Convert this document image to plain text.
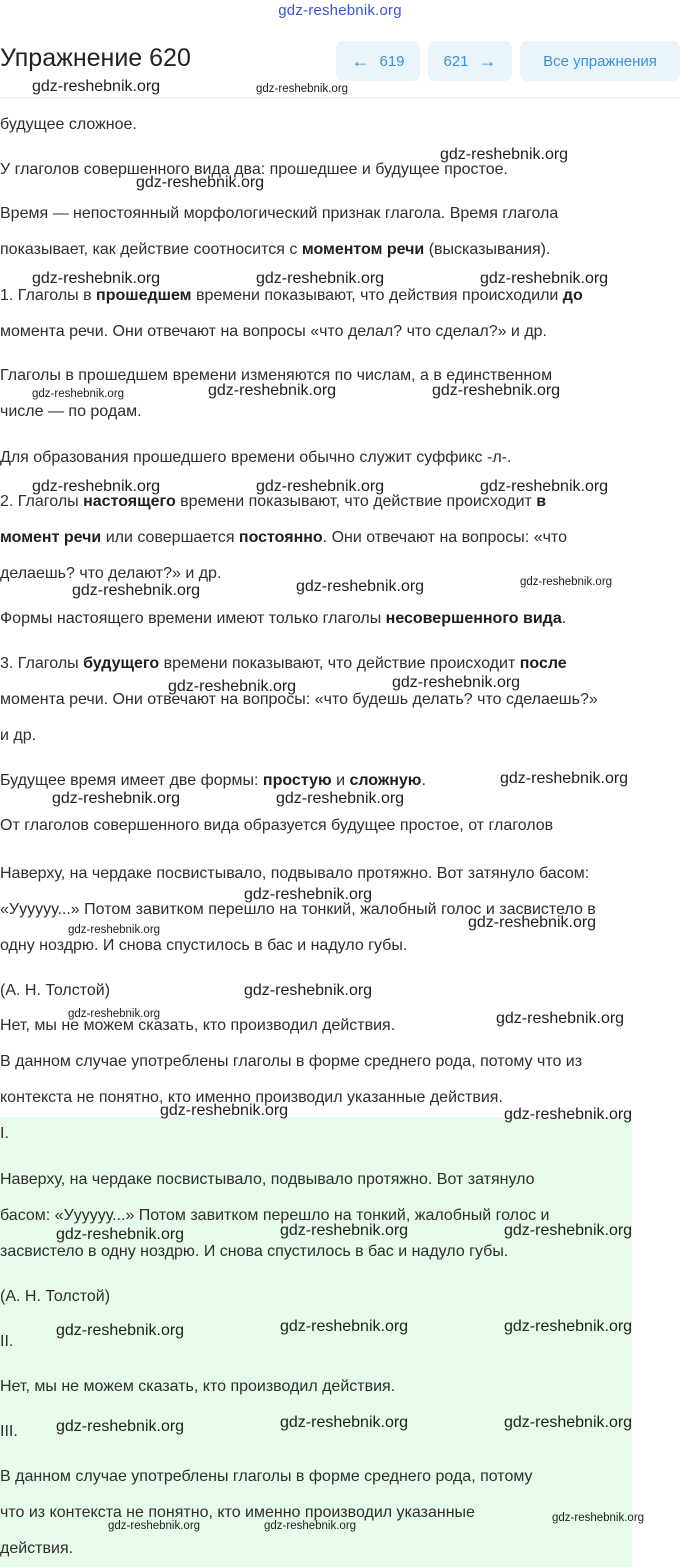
gdz-reshebnik.org
Упражнение 620	← 619	621 →	Все упражнения
будущее сложное.
У глаголов совершенного вида два: прошедшее и будущее простое.
Время — непостоянный морфологический признак глагола. Время глагола
показывает, как действие соотносится с моментом речи (высказывания).
1. Глаголы в прошедшем времени показывают, что действия происходили до
момента речи. Они отвечают на вопросы «что делал? что сделал?» и др.
Глаголы в прошедшем времени изменяются по числам, а в единственном
числе — по родам.
Для образования прошедшего времени обычно служит суффикс -л-.
2. Глаголы настоящего времени показывают, что действие происходит в
момент речи или совершается постоянно. Они отвечают на вопросы: «что
делаешь? что делают?» и др.
Формы настоящего времени имеют только глаголы несовершенного вида.
3. Глаголы будущего времени показывают, что действие происходит после
момента речи. Они отвечают на вопросы: «что будешь делать? что сделаешь?»
и др.
Будущее время имеет две формы: простую и сложную.
От глаголов совершенного вида образуется будущее простое, от глаголов
Наверху, на чердаке посвистывало, подвывало протяжно. Вот затянуло басом:
«Уууууу...» Потом завитком перешло на тонкий, жалобный голос и засвистело в
одну ноздрю. И снова спустилось в бас и надуло губы.
(А. Н. Толстой)
Нет, мы не можем сказать, кто производил действия.
В данном случае употреблены глаголы в форме среднего рода, потому что из
контекста не понятно, кто именно производил указанные действия.
I.
Наверху, на чердаке посвистывало, подвывало протяжно. Вот затянуло
басом: «Уууууу...» Потом завитком перешло на тонкий, жалобный голос и
засвистело в одну ноздрю. И снова спустилось в бас и надуло губы.
(А. Н. Толстой)
II.
Нет, мы не можем сказать, кто производил действия.
III.
В данном случае употреблены глаголы в форме среднего рода, потому
что из контекста не понятно, кто именно производил указанные
действия.
gdz-reshebnik.org	gdz-reshebnik.org
gdz-reshebnik.org
gdz-reshebnik.org
gdz-reshebnik.org	gdz-reshebnik.org	gdz-reshebnik.org
gdz-reshebnik.org	gdz-reshebnik.org	gdz-reshebnik.org
gdz-reshebnik.org	gdz-reshebnik.org	gdz-reshebnik.org
gdz-reshebnik.org
gdz-reshebnik.org	gdz-reshebnik.org
gdz-reshebnik.org	gdz-reshebnik.org
gdz-reshebnik.org
gdz-reshebnik.org	gdz-reshebnik.org
gdz-reshebnik.org
gdz-reshebnik.org	gdz-reshebnik.org
gdz-reshebnik.org
gdz-reshebnik.org	gdz-reshebnik.org
gdz-reshebnik.org	gdz-reshebnik.org
gdz-reshebnik.org	gdz-reshebnik.org	gdz-reshebnik.org
gdz-reshebnik.org	gdz-reshebnik.org	gdz-reshebnik.org
gdz-reshebnik.org	gdz-reshebnik.org	gdz-reshebnik.org
gdz-reshebnik.org
gdz-reshebnik.org	gdz-reshebnik.org
